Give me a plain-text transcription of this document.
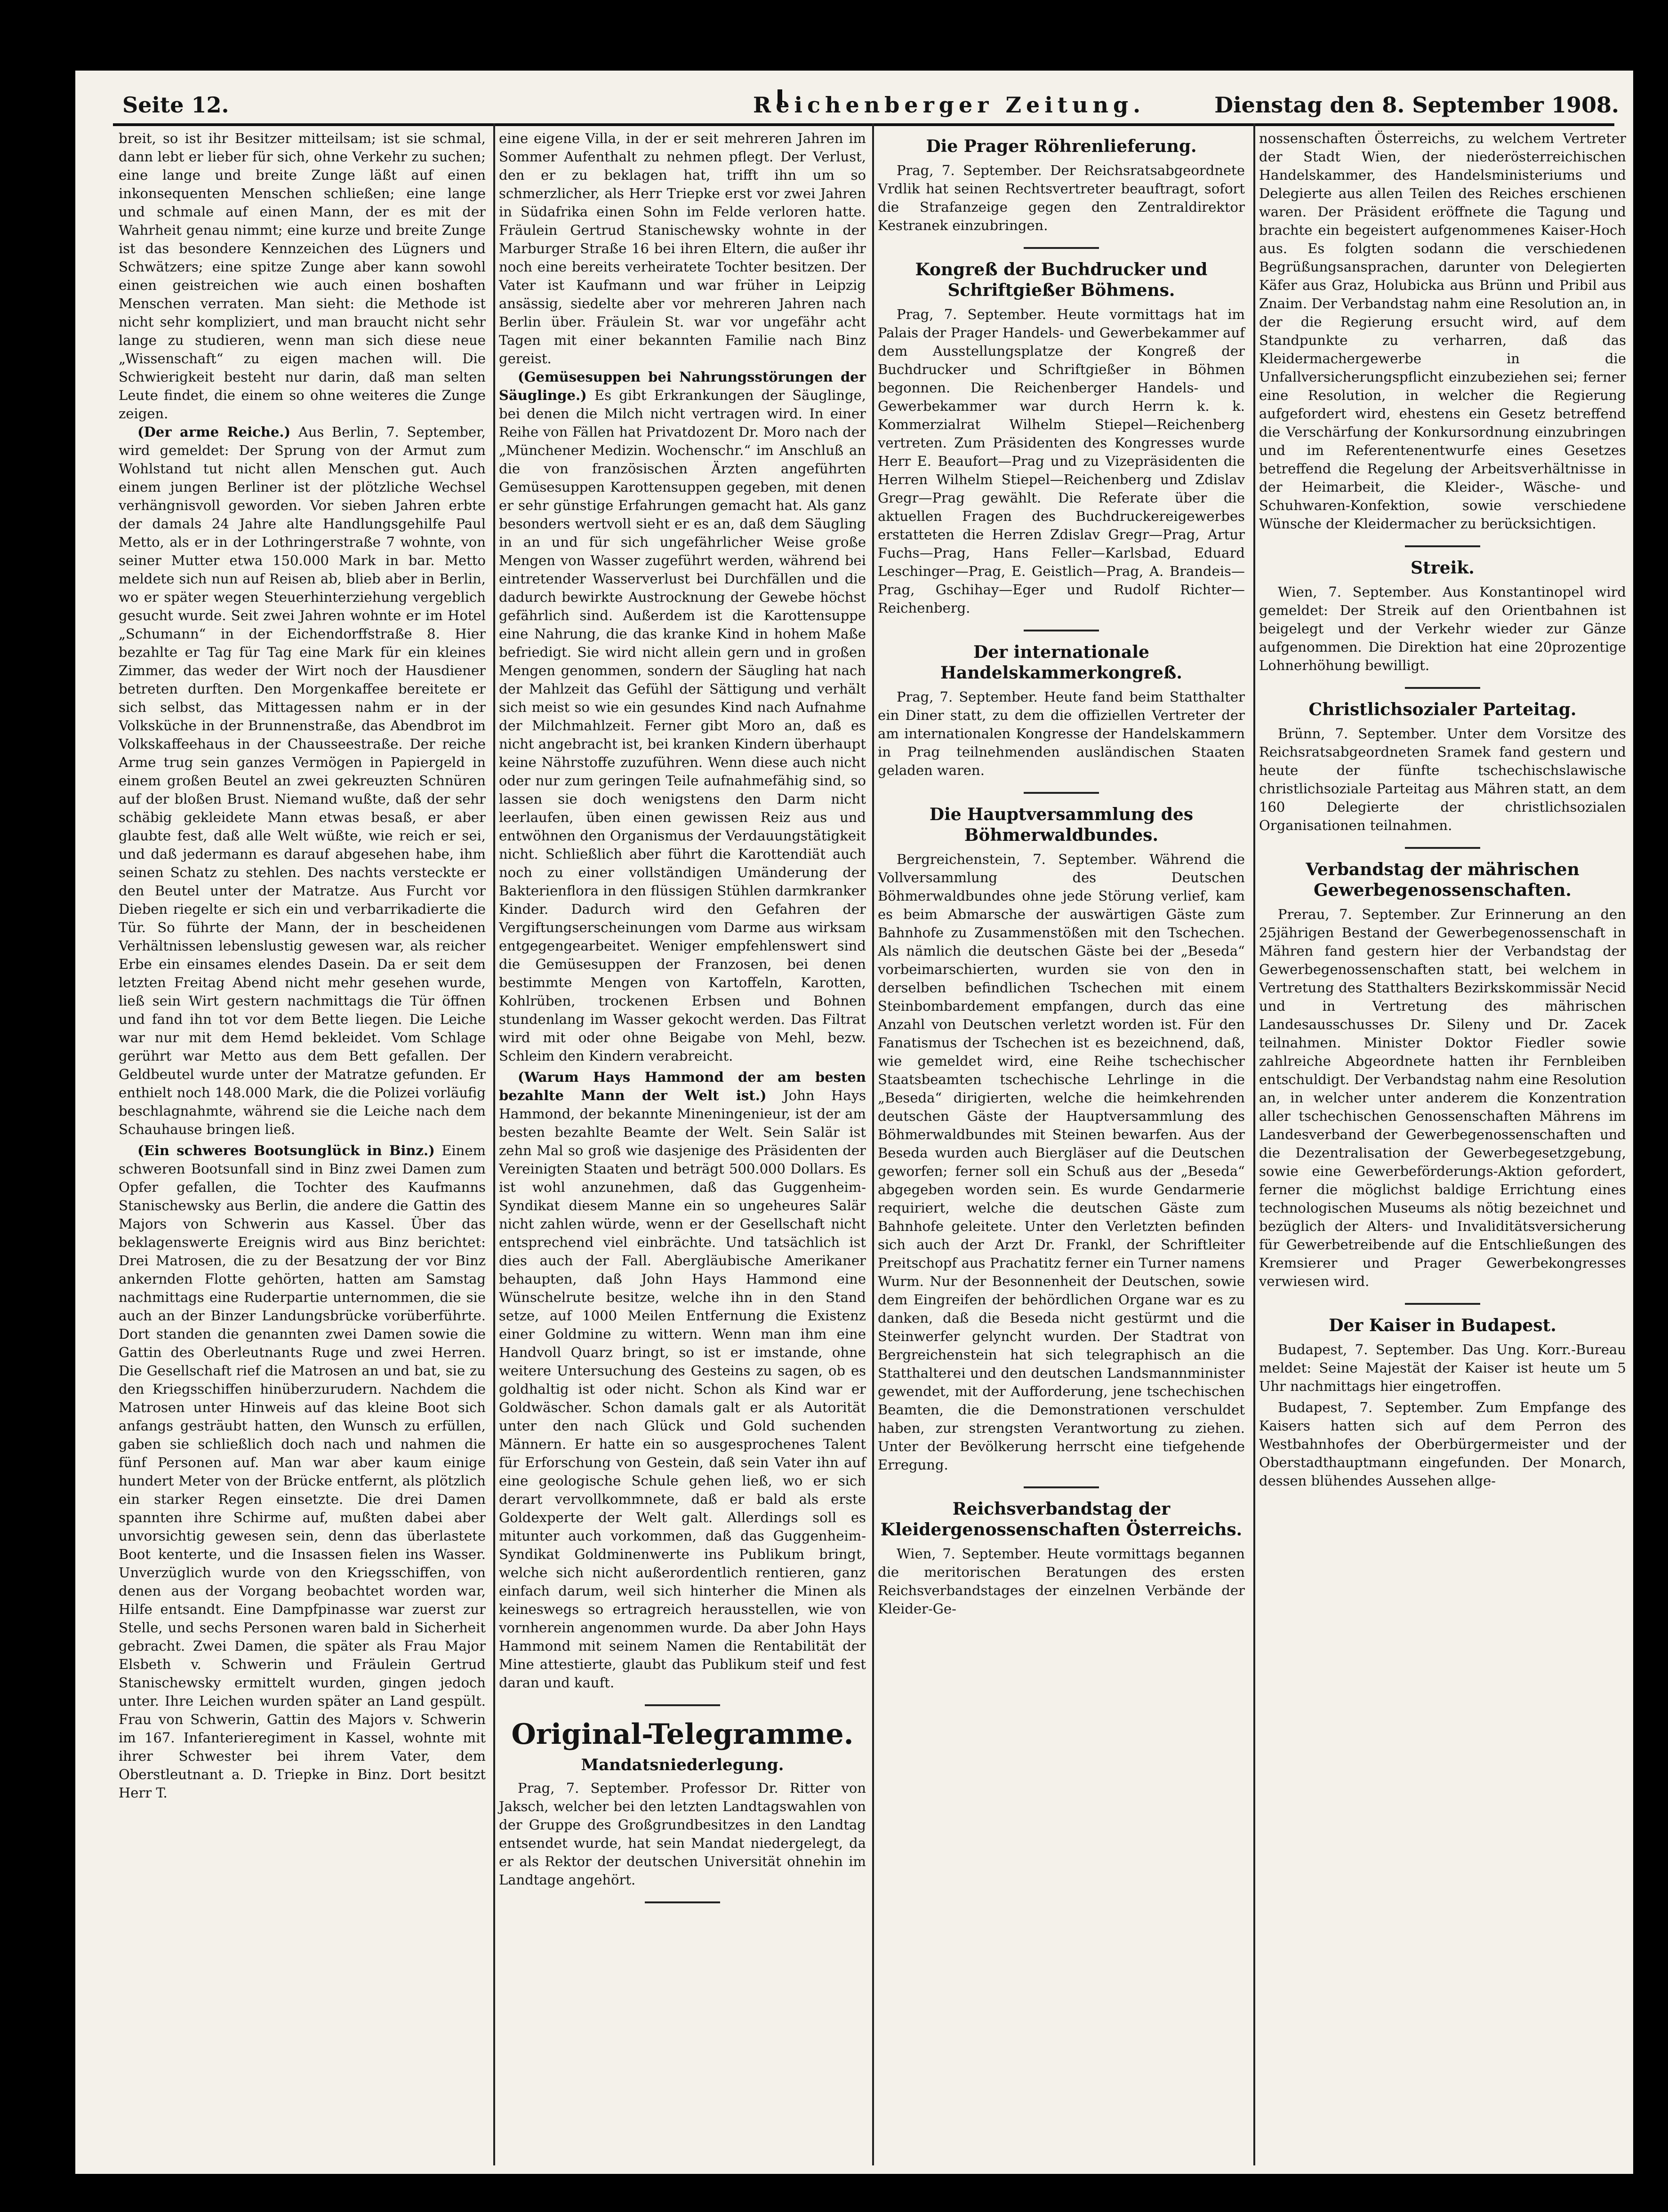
Seite 12.	Reichenberger Zeitung.	Dienstag den 8. September 1908.

breit, so ist ihr Besitzer mitteilsam; ist sie schmal, dann lebt er lieber für sich, ohne Verkehr zu suchen; eine lange und breite Zunge läßt auf einen inkonsequenten Menschen schließen; eine lange und schmale auf einen Mann, der es mit der Wahrheit genau nimmt; eine kurze und breite Zunge ist das besondere Kennzeichen des Lügners und Schwätzers; eine spitze Zunge aber kann sowohl einen geistreichen wie auch einen boshaften Menschen verraten. Man sieht: die Methode ist nicht sehr kompliziert, und man braucht nicht sehr lange zu studieren, wenn man sich diese neue „Wissenschaft“ zu eigen machen will. Die Schwierigkeit besteht nur darin, daß man selten Leute findet, die einem so ohne weiteres die Zunge zeigen.

(Der arme Reiche.) Aus Berlin, 7. September, wird gemeldet: Der Sprung von der Armut zum Wohlstand tut nicht allen Menschen gut. Auch einem jungen Berliner ist der plötzliche Wechsel verhängnisvoll geworden. Vor sieben Jahren erbte der damals 24 Jahre alte Handlungsgehilfe Paul Metto, als er in der Lothringerstraße 7 wohnte, von seiner Mutter etwa 150.000 Mark in bar. Metto meldete sich nun auf Reisen ab, blieb aber in Berlin, wo er später wegen Steuerhinterziehung vergeblich gesucht wurde. Seit zwei Jahren wohnte er im Hotel „Schumann“ in der Eichendorffstraße 8. Hier bezahlte er Tag für Tag eine Mark für ein kleines Zimmer, das weder der Wirt noch der Hausdiener betreten durften. Den Morgenkaffee bereitete er sich selbst, das Mittagessen nahm er in der Volksküche in der Brunnenstraße, das Abendbrot im Volkskaffeehaus in der Chausseestraße. Der reiche Arme trug sein ganzes Vermögen in Papiergeld in einem großen Beutel an zwei gekreuzten Schnüren auf der bloßen Brust. Niemand wußte, daß der sehr schäbig gekleidete Mann etwas besaß, er aber glaubte fest, daß alle Welt wüßte, wie reich er sei, und daß jedermann es darauf abgesehen habe, ihm seinen Schatz zu stehlen. Des nachts versteckte er den Beutel unter der Matratze. Aus Furcht vor Dieben riegelte er sich ein und verbarrikadierte die Tür. So führte der Mann, der in bescheidenen Verhältnissen lebenslustig gewesen war, als reicher Erbe ein einsames elendes Dasein. Da er seit dem letzten Freitag Abend nicht mehr gesehen wurde, ließ sein Wirt gestern nachmittags die Tür öffnen und fand ihn tot vor dem Bette liegen. Die Leiche war nur mit dem Hemd bekleidet. Vom Schlage gerührt war Metto aus dem Bett gefallen. Der Geldbeutel wurde unter der Matratze gefunden. Er enthielt noch 148.000 Mark, die die Polizei vorläufig beschlagnahmte, während sie die Leiche nach dem Schauhause bringen ließ.

(Ein schweres Bootsunglück in Binz.) Einem schweren Bootsunfall sind in Binz zwei Damen zum Opfer gefallen, die Tochter des Kaufmanns Stanischewsky aus Berlin, die andere die Gattin des Majors von Schwerin aus Kassel. Über das beklagenswerte Ereignis wird aus Binz berichtet: Drei Matrosen, die zu der Besatzung der vor Binz ankernden Flotte gehörten, hatten am Samstag nachmittags eine Ruderpartie unternommen, die sie auch an der Binzer Landungsbrücke vorüberführte. Dort standen die genannten zwei Damen sowie die Gattin des Oberleutnants Ruge und zwei Herren. Die Gesellschaft rief die Matrosen an und bat, sie zu den Kriegsschiffen hinüberzurudern. Nachdem die Matrosen unter Hinweis auf das kleine Boot sich anfangs gesträubt hatten, den Wunsch zu erfüllen, gaben sie schließlich doch nach und nahmen die fünf Personen auf. Man war aber kaum einige hundert Meter von der Brücke entfernt, als plötzlich ein starker Regen einsetzte. Die drei Damen spannten ihre Schirme auf, mußten dabei aber unvorsichtig gewesen sein, denn das überlastete Boot kenterte, und die Insassen fielen ins Wasser. Unverzüglich wurde von den Kriegsschiffen, von denen aus der Vorgang beobachtet worden war, Hilfe entsandt. Eine Dampfpinasse war zuerst zur Stelle, und sechs Personen waren bald in Sicherheit gebracht. Zwei Damen, die später als Frau Major Elsbeth v. Schwerin und Fräulein Gertrud Stanischewsky ermittelt wurden, gingen jedoch unter. Ihre Leichen wurden später an Land gespült. Frau von Schwerin, Gattin des Majors v. Schwerin im 167. Infanterieregiment in Kassel, wohnte mit ihrer Schwester bei ihrem Vater, dem Oberstleutnant a. D. Triepke in Binz. Dort besitzt Herr T.

eine eigene Villa, in der er seit mehreren Jahren im Sommer Aufenthalt zu nehmen pflegt. Der Verlust, den er zu beklagen hat, trifft ihn um so schmerzlicher, als Herr Triepke erst vor zwei Jahren in Südafrika einen Sohn im Felde verloren hatte. Fräulein Gertrud Stanischewsky wohnte in der Marburger Straße 16 bei ihren Eltern, die außer ihr noch eine bereits verheiratete Tochter besitzen. Der Vater ist Kaufmann und war früher in Leipzig ansässig, siedelte aber vor mehreren Jahren nach Berlin über. Fräulein St. war vor ungefähr acht Tagen mit einer bekannten Familie nach Binz gereist.

(Gemüsesuppen bei Nahrungsstörungen der Säuglinge.) Es gibt Erkrankungen der Säuglinge, bei denen die Milch nicht vertragen wird. In einer Reihe von Fällen hat Privatdozent Dr. Moro nach der „Münchener Medizin. Wochenschr.“ im Anschluß an die von französischen Ärzten angeführten Gemüsesuppen Karottensuppen gegeben, mit denen er sehr günstige Erfahrungen gemacht hat. Als ganz besonders wertvoll sieht er es an, daß dem Säugling in an und für sich ungefährlicher Weise große Mengen von Wasser zugeführt werden, während bei eintretender Wasserverlust bei Durchfällen und die dadurch bewirkte Austrocknung der Gewebe höchst gefährlich sind. Außerdem ist die Karottensuppe eine Nahrung, die das kranke Kind in hohem Maße befriedigt. Sie wird nicht allein gern und in großen Mengen genommen, sondern der Säugling hat nach der Mahlzeit das Gefühl der Sättigung und verhält sich meist so wie ein gesundes Kind nach Aufnahme der Milchmahlzeit. Ferner gibt Moro an, daß es nicht angebracht ist, bei kranken Kindern überhaupt keine Nährstoffe zuzuführen. Wenn diese auch nicht oder nur zum geringen Teile aufnahmefähig sind, so lassen sie doch wenigstens den Darm nicht leerlaufen, üben einen gewissen Reiz aus und entwöhnen den Organismus der Verdauungstätigkeit nicht. Schließlich aber führt die Karottendiät auch noch zu einer vollständigen Umänderung der Bakterienflora in den flüssigen Stühlen darmkranker Kinder. Dadurch wird den Gefahren der Vergiftungserscheinungen vom Darme aus wirksam entgegengearbeitet. Weniger empfehlenswert sind die Gemüsesuppen der Franzosen, bei denen bestimmte Mengen von Kartoffeln, Karotten, Kohlrüben, trockenen Erbsen und Bohnen stundenlang im Wasser gekocht werden. Das Filtrat wird mit oder ohne Beigabe von Mehl, bezw. Schleim den Kindern verabreicht.

(Warum Hays Hammond der am besten bezahlte Mann der Welt ist.) John Hays Hammond, der bekannte Mineningenieur, ist der am besten bezahlte Beamte der Welt. Sein Salär ist zehn Mal so groß wie dasjenige des Präsidenten der Vereinigten Staaten und beträgt 500.000 Dollars. Es ist wohl anzunehmen, daß das Guggenheim-Syndikat diesem Manne ein so ungeheures Salär nicht zahlen würde, wenn er der Gesellschaft nicht entsprechend viel einbrächte. Und tatsächlich ist dies auch der Fall. Abergläubische Amerikaner behaupten, daß John Hays Hammond eine Wünschelrute besitze, welche ihn in den Stand setze, auf 1000 Meilen Entfernung die Existenz einer Goldmine zu wittern. Wenn man ihm eine Handvoll Quarz bringt, so ist er imstande, ohne weitere Untersuchung des Gesteins zu sagen, ob es goldhaltig ist oder nicht. Schon als Kind war er Goldwäscher. Schon damals galt er als Autorität unter den nach Glück und Gold suchenden Männern. Er hatte ein so ausgesprochenes Talent für Erforschung von Gestein, daß sein Vater ihn auf eine geologische Schule gehen ließ, wo er sich derart vervollkommnete, daß er bald als erste Goldexperte der Welt galt. Allerdings soll es mitunter auch vorkommen, daß das Guggenheim-Syndikat Goldminenwerte ins Publikum bringt, welche sich nicht außerordentlich rentieren, ganz einfach darum, weil sich hinterher die Minen als keineswegs so ertragreich herausstellen, wie von vornherein angenommen wurde. Da aber John Hays Hammond mit seinem Namen die Rentabilität der Mine attestierte, glaubt das Publikum steif und fest daran und kauft.

Original-Telegramme.
Mandatsniederlegung.

Prag, 7. September. Professor Dr. Ritter von Jaksch, welcher bei den letzten Landtagswahlen von der Gruppe des Großgrundbesitzes in den Landtag entsendet wurde, hat sein Mandat niedergelegt, da er als Rektor der deutschen Universität ohnehin im Landtage angehört.

Die Prager Röhrenlieferung.

Prag, 7. September. Der Reichsratsabgeordnete Vrdlik hat seinen Rechtsvertreter beauftragt, sofort die Strafanzeige gegen den Zentraldirektor Kestranek einzubringen.

Kongreß der Buchdrucker und Schriftgießer Böhmens.

Prag, 7. September. Heute vormittags hat im Palais der Prager Handels- und Gewerbekammer auf dem Ausstellungsplatze der Kongreß der Buchdrucker und Schriftgießer in Böhmen begonnen. Die Reichenberger Handels- und Gewerbekammer war durch Herrn k. k. Kommerzialrat Wilhelm Stiepel—Reichenberg vertreten. Zum Präsidenten des Kongresses wurde Herr E. Beaufort—Prag und zu Vizepräsidenten die Herren Wilhelm Stiepel—Reichenberg und Zdislav Gregr—Prag gewählt. Die Referate über die aktuellen Fragen des Buchdruckereigewerbes erstatteten die Herren Zdislav Gregr—Prag, Artur Fuchs—Prag, Hans Feller—Karlsbad, Eduard Leschinger—Prag, E. Geistlich—Prag, A. Brandeis—Prag, Gschihay—Eger und Rudolf Richter—Reichenberg.

Der internationale Handelskammerkongreß.

Prag, 7. September. Heute fand beim Statthalter ein Diner statt, zu dem die offiziellen Vertreter der am internationalen Kongresse der Handelskammern in Prag teilnehmenden ausländischen Staaten geladen waren.

Die Hauptversammlung des Böhmerwaldbundes.

Bergreichenstein, 7. September. Während die Vollversammlung des Deutschen Böhmerwaldbundes ohne jede Störung verlief, kam es beim Abmarsche der auswärtigen Gäste zum Bahnhofe zu Zusammenstößen mit den Tschechen. Als nämlich die deutschen Gäste bei der „Beseda“ vorbeimarschierten, wurden sie von den in derselben befindlichen Tschechen mit einem Steinbombardement empfangen, durch das eine Anzahl von Deutschen verletzt worden ist. Für den Fanatismus der Tschechen ist es bezeichnend, daß, wie gemeldet wird, eine Reihe tschechischer Staatsbeamten tschechische Lehrlinge in die „Beseda“ dirigierten, welche die heimkehrenden deutschen Gäste der Hauptversammlung des Böhmerwaldbundes mit Steinen bewarfen. Aus der Beseda wurden auch Biergläser auf die Deutschen geworfen; ferner soll ein Schuß aus der „Beseda“ abgegeben worden sein. Es wurde Gendarmerie requiriert, welche die deutschen Gäste zum Bahnhofe geleitete. Unter den Verletzten befinden sich auch der Arzt Dr. Frankl, der Schriftleiter Preitschopf aus Prachatitz ferner ein Turner namens Wurm. Nur der Besonnenheit der Deutschen, sowie dem Eingreifen der behördlichen Organe war es zu danken, daß die Beseda nicht gestürmt und die Steinwerfer gelyncht wurden. Der Stadtrat von Bergreichenstein hat sich telegraphisch an die Statthalterei und den deutschen Landsmannminister gewendet, mit der Aufforderung, jene tschechischen Beamten, die die Demonstrationen verschuldet haben, zur strengsten Verantwortung zu ziehen. Unter der Bevölkerung herrscht eine tiefgehende Erregung.

Reichsverbandstag der Kleidergenossenschaften Österreichs.

Wien, 7. September. Heute vormittags begannen die meritorischen Beratungen des ersten Reichsverbandstages der einzelnen Verbände der Kleider-Ge-

nossenschaften Österreichs, zu welchem Vertreter der Stadt Wien, der niederösterreichischen Handelskammer, des Handelsministeriums und Delegierte aus allen Teilen des Reiches erschienen waren. Der Präsident eröffnete die Tagung und brachte ein begeistert aufgenommenes Kaiser-Hoch aus. Es folgten sodann die verschiedenen Begrüßungsansprachen, darunter von Delegierten Käfer aus Graz, Holubicka aus Brünn und Pribil aus Znaim. Der Verbandstag nahm eine Resolution an, in der die Regierung ersucht wird, auf dem Standpunkte zu verharren, daß das Kleidermachergewerbe in die Unfallversicherungspflicht einzubeziehen sei; ferner eine Resolution, in welcher die Regierung aufgefordert wird, ehestens ein Gesetz betreffend die Verschärfung der Konkursordnung einzubringen und im Referentenentwurfe eines Gesetzes betreffend die Regelung der Arbeitsverhältnisse in der Heimarbeit, die Kleider-, Wäsche- und Schuhwaren-Konfektion, sowie verschiedene Wünsche der Kleidermacher zu berücksichtigen.

Streik.

Wien, 7. September. Aus Konstantinopel wird gemeldet: Der Streik auf den Orientbahnen ist beigelegt und der Verkehr wieder zur Gänze aufgenommen. Die Direktion hat eine 20prozentige Lohnerhöhung bewilligt.

Christlichsozialer Parteitag.

Brünn, 7. September. Unter dem Vorsitze des Reichsratsabgeordneten Sramek fand gestern und heute der fünfte tschechischslawische christlichsoziale Parteitag aus Mähren statt, an dem 160 Delegierte der christlichsozialen Organisationen teilnahmen.

Verbandstag der mährischen Gewerbegenossenschaften.

Prerau, 7. September. Zur Erinnerung an den 25jährigen Bestand der Gewerbegenossenschaft in Mähren fand gestern hier der Verbandstag der Gewerbegenossenschaften statt, bei welchem in Vertretung des Statthalters Bezirkskommissär Necid und in Vertretung des mährischen Landesausschusses Dr. Sileny und Dr. Zacek teilnahmen. Minister Doktor Fiedler sowie zahlreiche Abgeordnete hatten ihr Fernbleiben entschuldigt. Der Verbandstag nahm eine Resolution an, in welcher unter anderem die Konzentration aller tschechischen Genossenschaften Mährens im Landesverband der Gewerbegenossenschaften und die Dezentralisation der Gewerbegesetzgebung, sowie eine Gewerbeförderungs-Aktion gefordert, ferner die möglichst baldige Errichtung eines technologischen Museums als nötig bezeichnet und bezüglich der Alters- und Invaliditätsversicherung für Gewerbetreibende auf die Entschließungen des Kremsierer und Prager Gewerbekongresses verwiesen wird.

Der Kaiser in Budapest.

Budapest, 7. September. Das Ung. Korr.-Bureau meldet: Seine Majestät der Kaiser ist heute um 5 Uhr nachmittags hier eingetroffen.

Budapest, 7. September. Zum Empfange des Kaisers hatten sich auf dem Perron des Westbahnhofes der Oberbürgermeister und der Oberstadthauptmann eingefunden. Der Monarch, dessen blühendes Aussehen allge-
